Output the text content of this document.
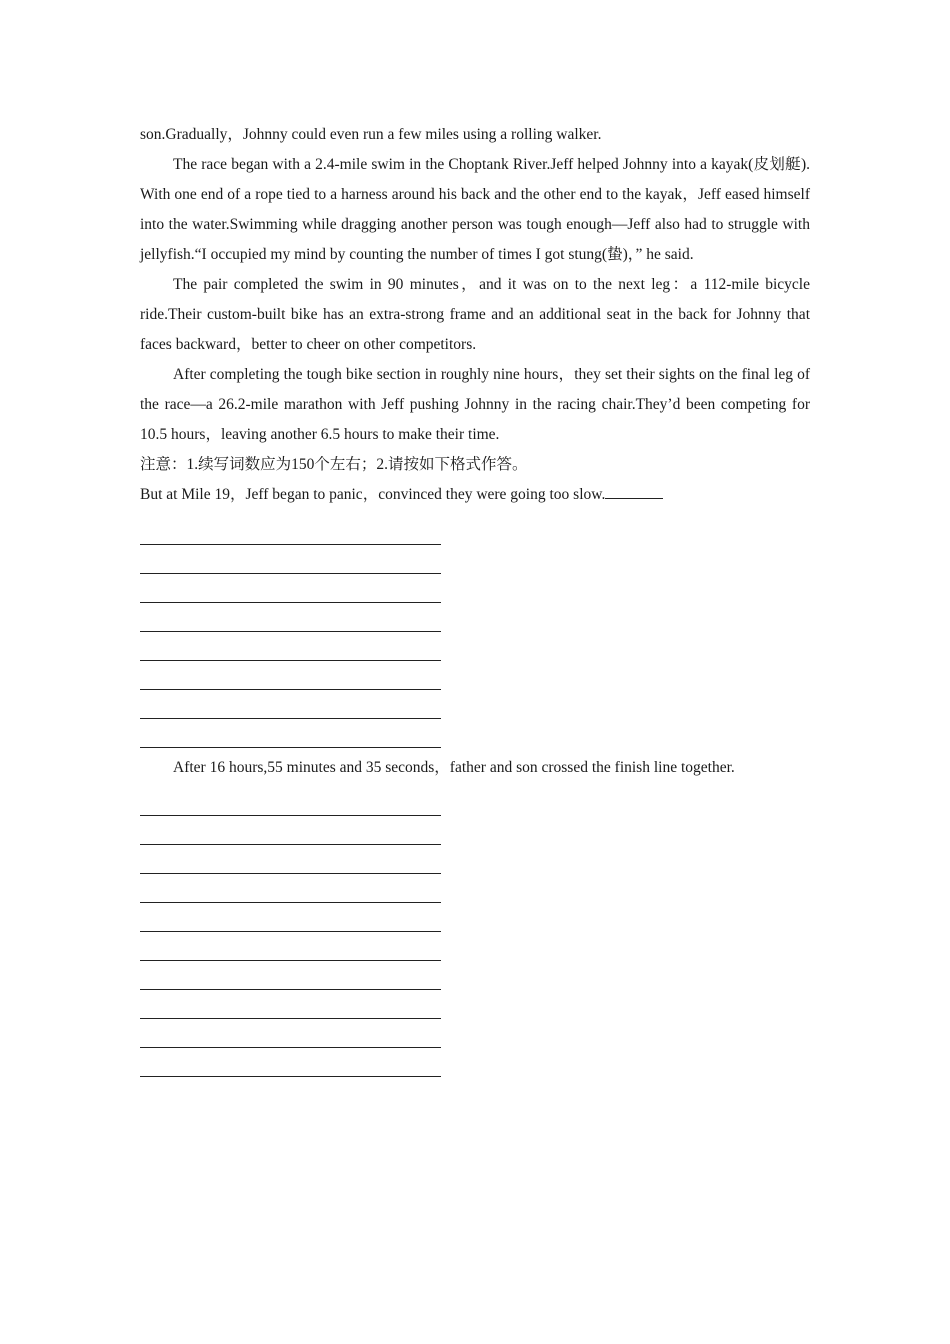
son.Gradually，Johnny could even run a few miles using a rolling walker.

The race began with a 2.4-mile swim in the Choptank River.Jeff helped Johnny into a kayak(皮划艇). With one end of a rope tied to a harness around his back and the other end to the kayak，Jeff eased himself into the water.Swimming while dragging another person was tough enough—Jeff also had to struggle with jellyfish.“I occupied my mind by counting the number of times I got stung(蛰)，” he said.

The pair completed the swim in 90 minutes，and it was on to the next leg：a 112-mile bicycle ride.Their custom-built bike has an extra-strong frame and an additional seat in the back for Johnny that faces backward，better to cheer on other competitors.

After completing the tough bike section in roughly nine hours，they set their sights on the final leg of the race—a 26.2-mile marathon with Jeff pushing Johnny in the racing chair.They’d been competing for 10.5 hours，leaving another 6.5 hours to make their time.

注意：1.续写词数应为150个左右；2.请按如下格式作答。

But at Mile 19，Jeff began to panic，convinced they were going too slow.

After 16 hours,55 minutes and 35 seconds，father and son crossed the finish line together.
